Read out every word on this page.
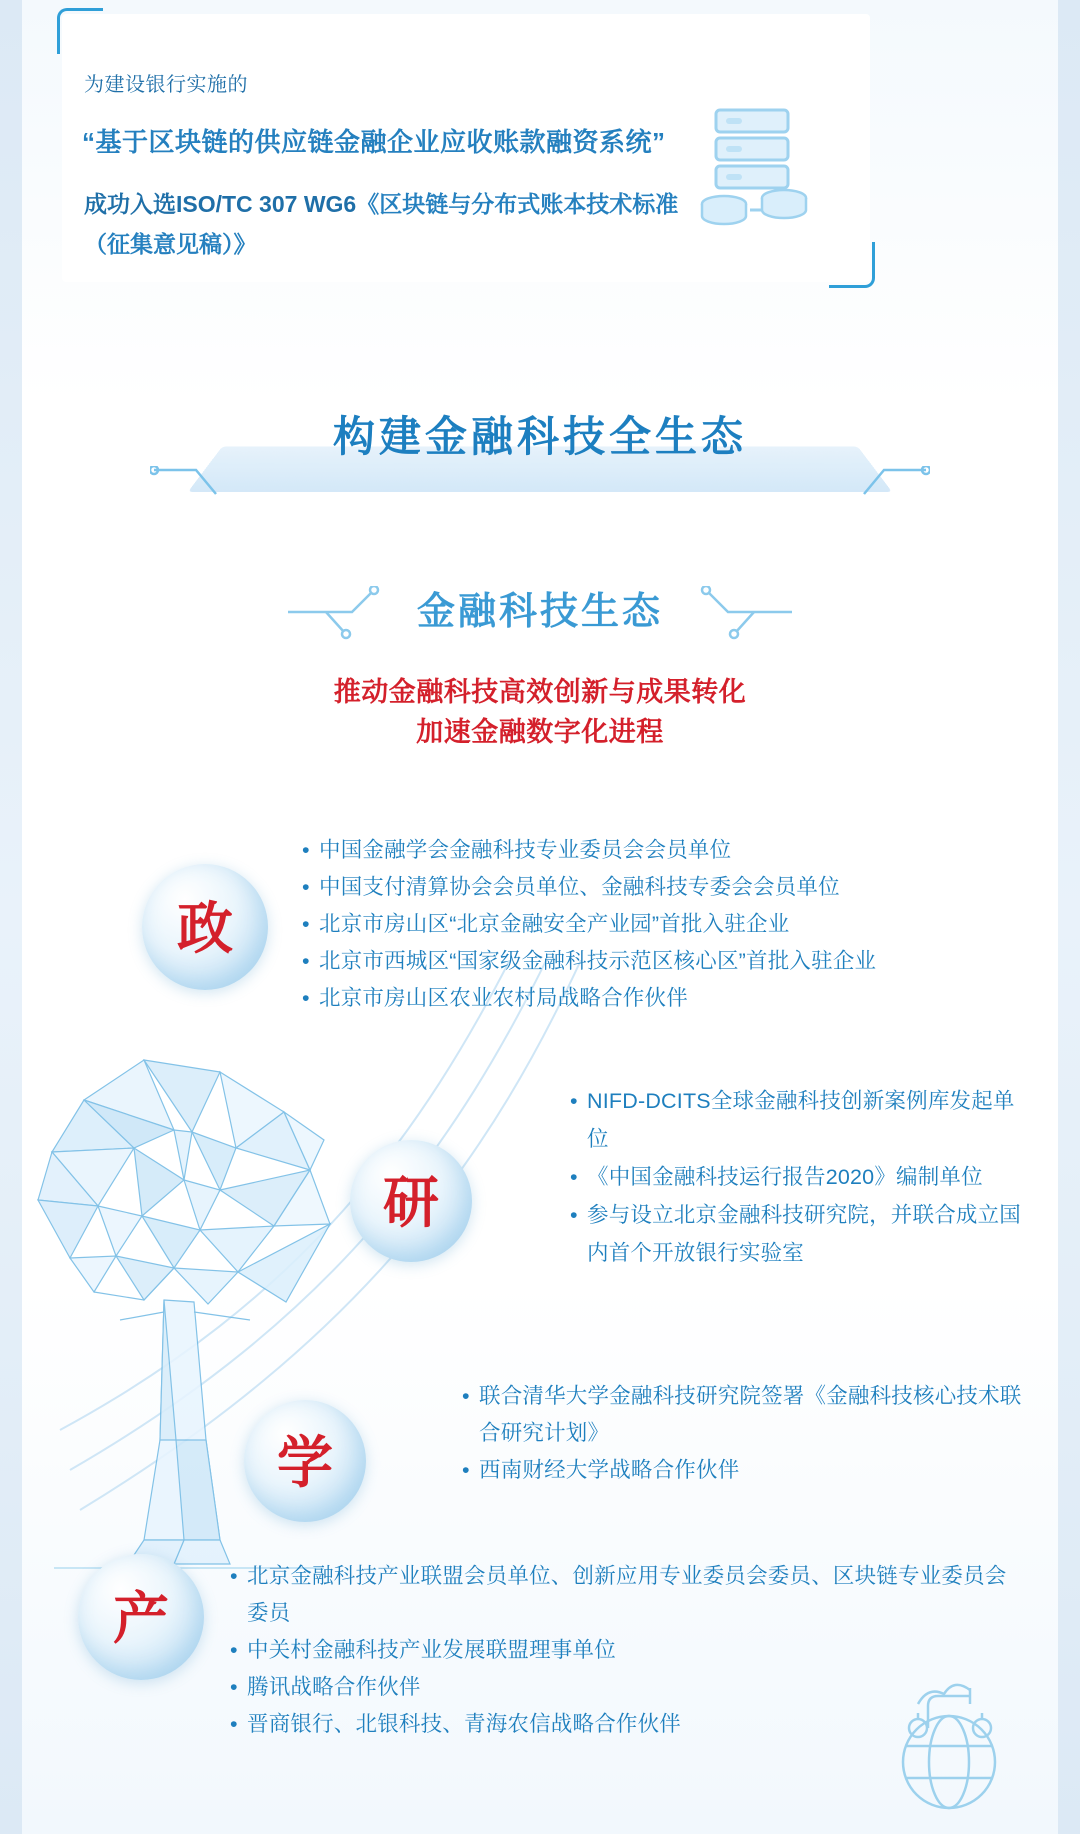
为建设银行实施的
“基于区块链的供应链金融企业应收账款融资系统”
成功入选ISO/TC 307 WG6《区块链与分布式账本技术标准（征集意见稿）》
构建金融科技全生态
金融科技生态
推动金融科技高效创新与成果转化
加速金融数字化进程
政
研
学
产
• 中国金融学会金融科技专业委员会会员单位
• 中国支付清算协会会员单位、金融科技专委会会员单位
• 北京市房山区“北京金融安全产业园”首批入驻企业
• 北京市西城区“国家级金融科技示范区核心区”首批入驻企业
• 北京市房山区农业农村局战略合作伙伴
• NIFD-DCITS全球金融科技创新案例库发起单位
• 《中国金融科技运行报告2020》编制单位
• 参与设立北京金融科技研究院，并联合成立国内首个开放银行实验室
• 联合清华大学金融科技研究院签署《金融科技核心技术联合研究计划》
• 西南财经大学战略合作伙伴
• 北京金融科技产业联盟会员单位、创新应用专业委员会委员、区块链专业委员会委员
• 中关村金融科技产业发展联盟理事单位
• 腾讯战略合作伙伴
• 晋商银行、北银科技、青海农信战略合作伙伴
